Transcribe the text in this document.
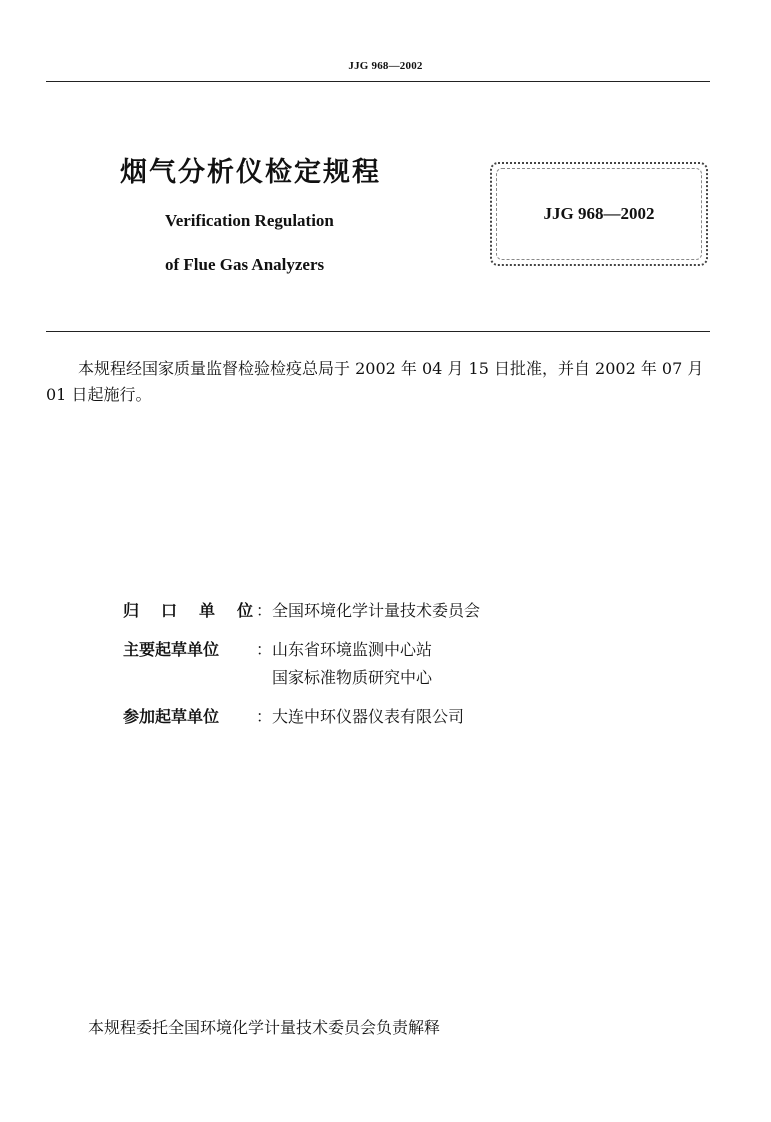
JJG 968—2002
烟气分析仪检定规程
Verification Regulation
of Flue Gas Analyzers
JJG 968—2002

本规程经国家质量监督检验检疫总局于 2002 年 04 月 15 日批准，并自 2002 年 07 月 01 日起施行。

归 口 单 位 ： 全国环境化学计量技术委员会
主要起草单位 ： 山东省环境监测中心站
国家标准物质研究中心
参加起草单位 ： 大连中环仪器仪表有限公司
本规程委托全国环境化学计量技术委员会负责解释
